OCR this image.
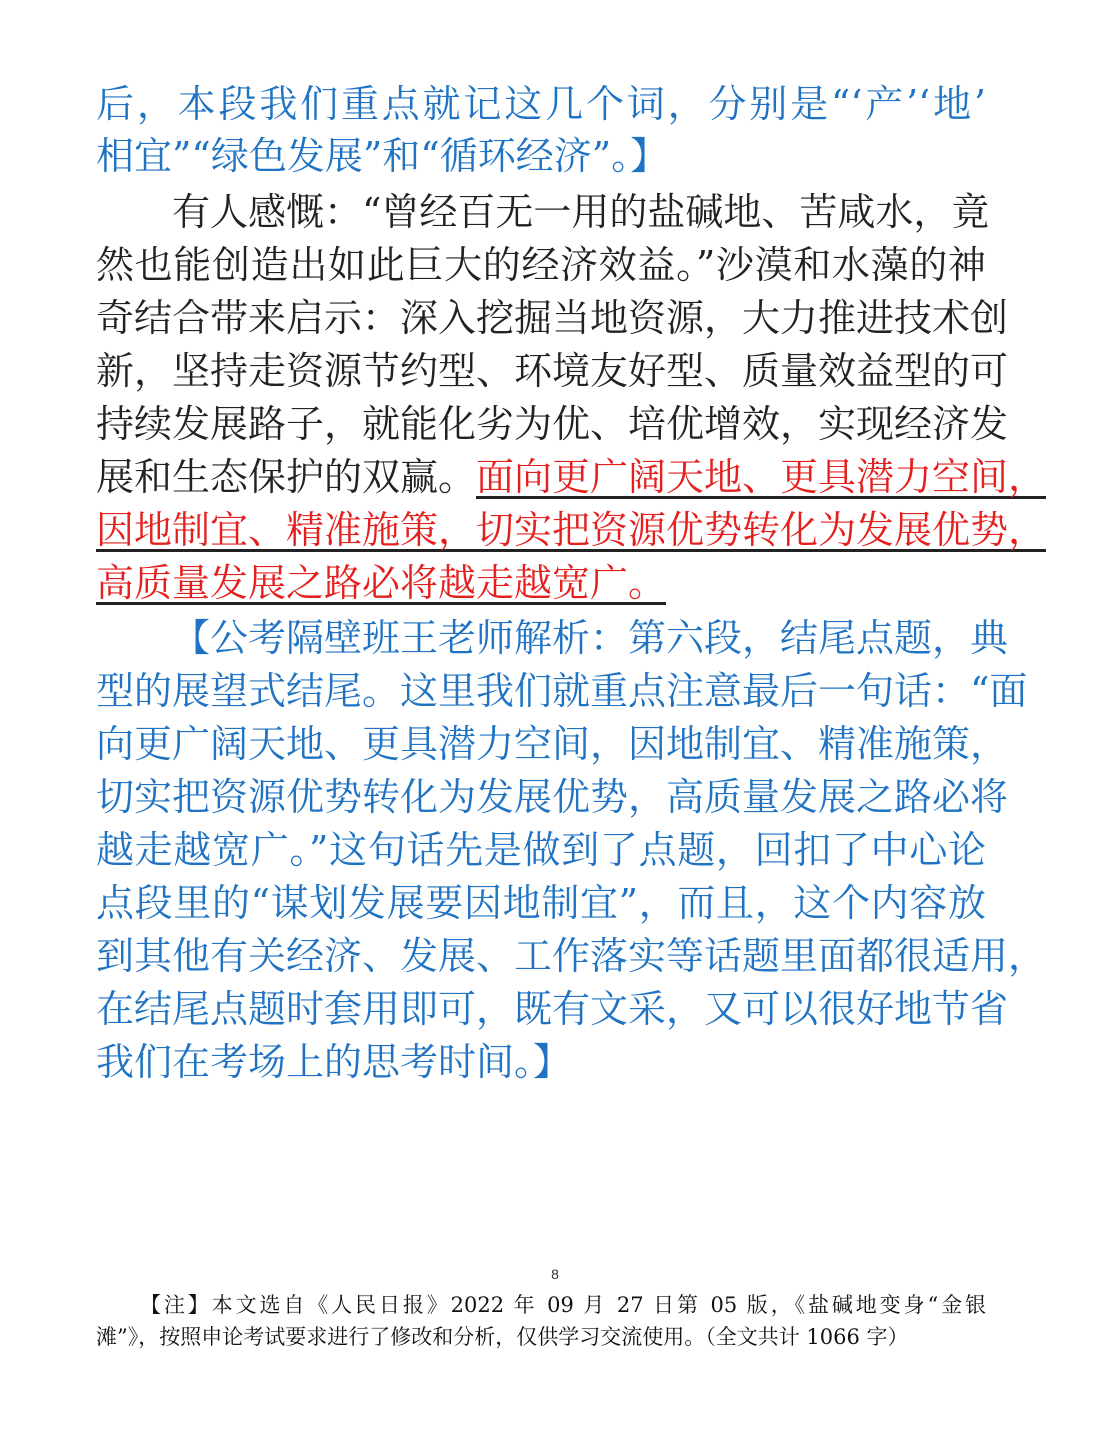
后，本段我们重点就记这几个词，分别是“‘产’‘地’
相宜”“绿色发展”和“循环经济”。】
有人感慨：“曾经百无一用的盐碱地、苦咸水，竟
然也能创造出如此巨大的经济效益。”沙漠和水藻的神
奇结合带来启示：深入挖掘当地资源，大力推进技术创
新，坚持走资源节约型、环境友好型、质量效益型的可
持续发展路子，就能化劣为优、培优增效，实现经济发
展和生态保护的双赢。面向更广阔天地、更具潜力空间，
因地制宜、精准施策，切实把资源优势转化为发展优势，
高质量发展之路必将越走越宽广。
【公考隔壁班王老师解析：第六段，结尾点题，典
型的展望式结尾。这里我们就重点注意最后一句话：“面
向更广阔天地、更具潜力空间，因地制宜、精准施策，
切实把资源优势转化为发展优势，高质量发展之路必将
越走越宽广。”这句话先是做到了点题，回扣了中心论
点段里的“谋划发展要因地制宜”，而且，这个内容放
到其他有关经济、发展、工作落实等话题里面都很适用，
在结尾点题时套用即可，既有文采，又可以很好地节省
我们在考场上的思考时间。】
8
【注】本文选自《人民日报》2022 年 09 月 27 日第 05 版，《盐碱地变身“金银
滩”》，按照申论考试要求进行了修改和分析，仅供学习交流使用。（全文共计 1066 字）
